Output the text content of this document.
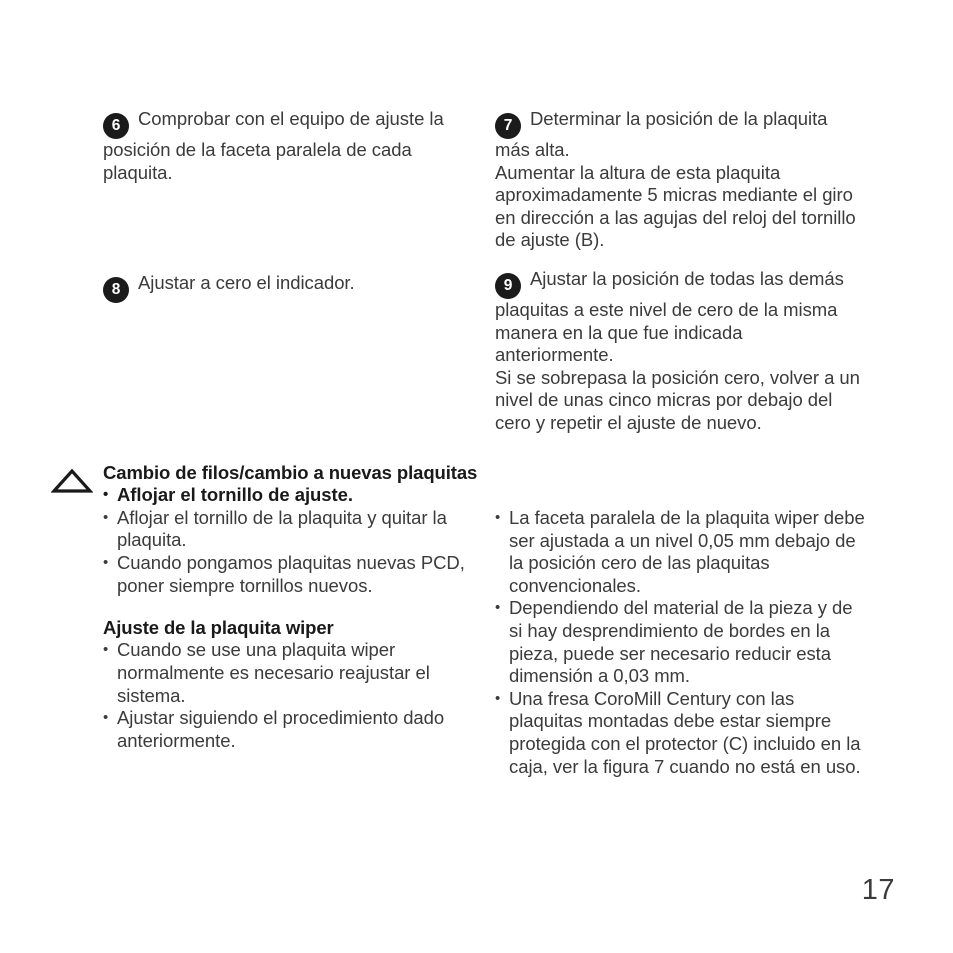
6 Comprobar con el equipo de ajuste la posición de la faceta paralela de cada plaquita.

7 Determinar la posición de la plaquita más alta.

Aumentar la altura de esta plaquita aproximadamente 5 micras mediante el giro en dirección a las agujas del reloj del tornillo de ajuste (B).

8 Ajustar a cero el indicador.	9 Ajustar la posición de todas las demás plaquitas a este nivel de cero de la misma manera en la que fue indicada anteriormente.

Si se sobrepasa la posición cero, volver a un nivel de unas cinco micras por debajo del cero y repetir el ajuste de nuevo.

Cambio de filos/cambio a nuevas plaquitas

• Aflojar el tornillo de ajuste.
• Aflojar el tornillo de la plaquita y quitar la plaquita.
• Cuando pongamos plaquitas nuevas PCD, poner siempre tornillos nuevos.

Ajuste de la plaquita wiper

• Cuando se use una plaquita wiper normalmente es necesario reajustar el sistema.
• Ajustar siguiendo el procedimiento dado anteriormente.
• La faceta paralela de la plaquita wiper debe ser ajustada a un nivel 0,05 mm debajo de la posición cero de las plaquitas convencionales.
• Dependiendo del material de la pieza y de si hay desprendimiento de bordes en la pieza, puede ser necesario reducir esta dimensión a 0,03 mm.
• Una fresa CoroMill Century con las plaquitas montadas debe estar siempre protegida con el protector (C) incluido en la caja, ver la figura 7 cuando no está en uso.
17
